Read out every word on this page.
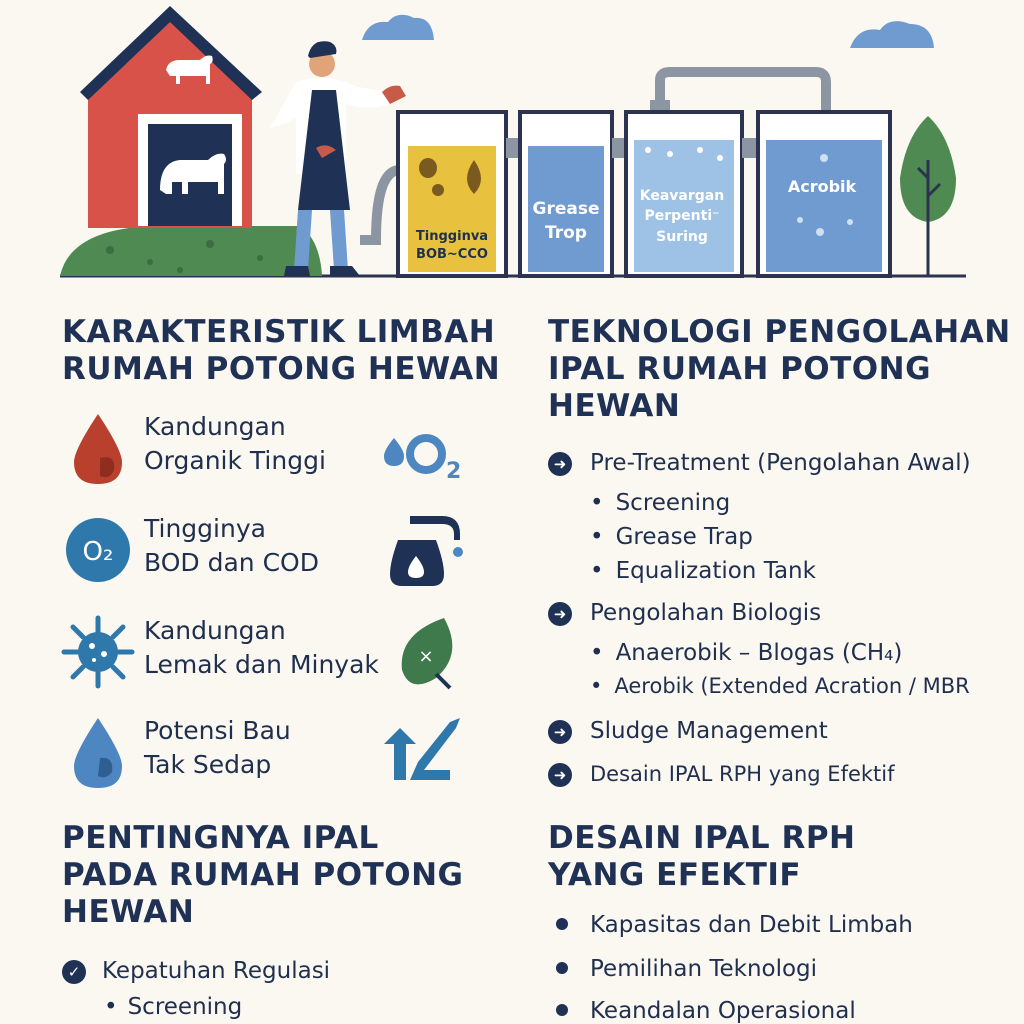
Tingginva
BOB~CCO
Grease
Trop
Keavargan
Perpenti⁻
Suring
Acrobik
KARAKTERISTIK LIMBAH
RUMAH POTONG HEWAN
Kandungan
Organik Tinggi	2
O₂
Tingginya
BOD dan COD
Kandungan
Lemak dan Minyak ×
Potensi Bau
Tak Sedap
TEKNOLOGI PENGOLAHAN
IPAL RUMAH POTONG
HEWAN
➜ Pre-Treatment (Pengolahan Awal)
• Screening
• Grease Trap
• Equalization Tank
➜ Pengolahan Biologis
• Anaerobik – Blogas (CH₄)
• Aerobik (Extended Acration / MBR
➜ Sludge Management
➜ Desain IPAL RPH yang Efektif
PENTINGNYA IPAL
PADA RUMAH POTONG
HEWAN
✓ Kepatuhan Regulasi
• Screening
DESAIN IPAL RPH
YANG EFEKTIF
Kapasitas dan Debit Limbah
Pemilihan Teknologi
Keandalan Operasional
